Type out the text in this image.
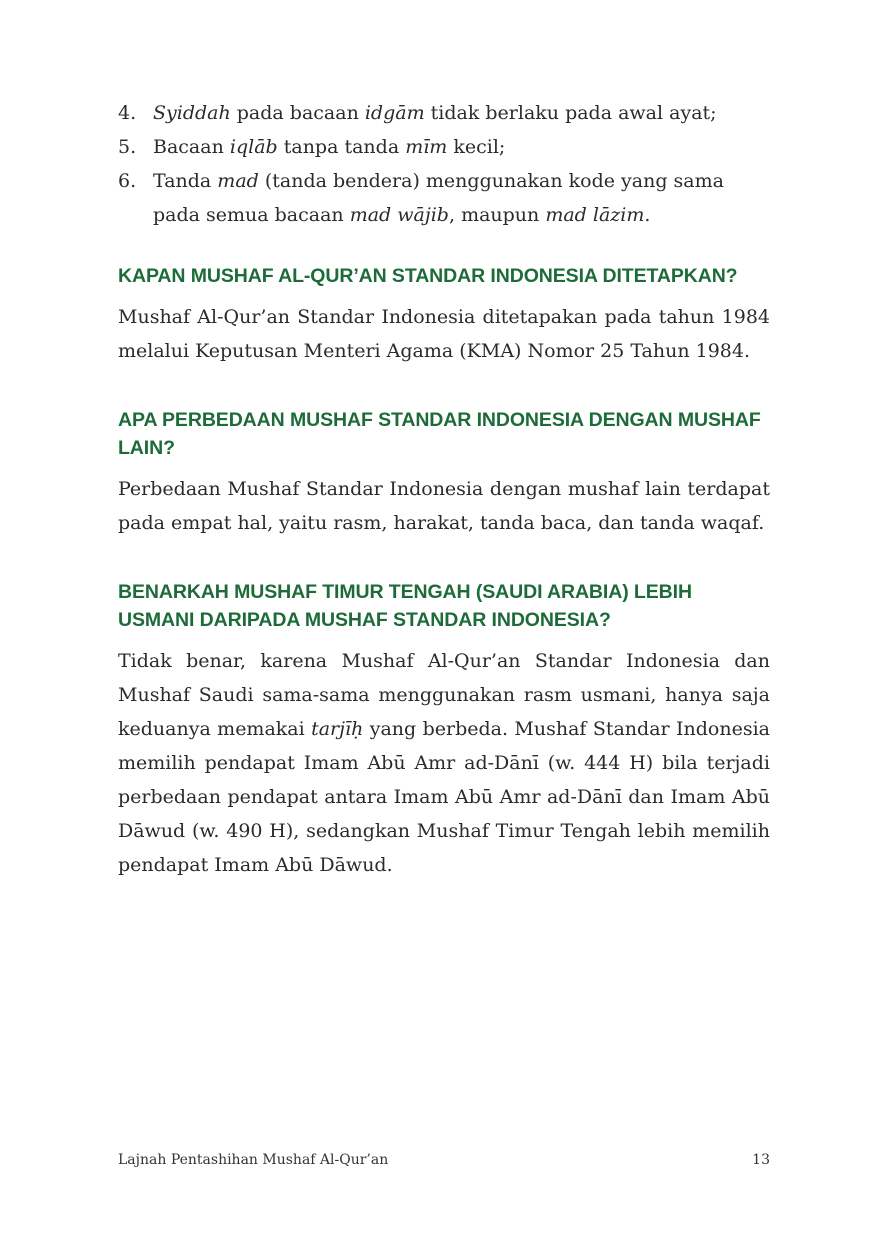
4. Syiddah pada bacaan idgām tidak berlaku pada awal ayat;
5. Bacaan iqlāb tanpa tanda mīm kecil;
6. Tanda mad (tanda bendera) menggunakan kode yang sama pada semua bacaan mad wājib, maupun mad lāzim.
KAPAN MUSHAF AL-QUR’AN STANDAR INDONESIA DITETAPKAN?

Mushaf Al-Qur’an Standar Indonesia ditetapakan pada tahun 1984 melalui Keputusan Menteri Agama (KMA) Nomor 25 Tahun 1984.

APA PERBEDAAN MUSHAF STANDAR INDONESIA DENGAN MUSHAF LAIN?

Perbedaan Mushaf Standar Indonesia dengan mushaf lain terdapat pada empat hal, yaitu rasm, harakat, tanda baca, dan tanda waqaf.

BENARKAH MUSHAF TIMUR TENGAH (SAUDI ARABIA) LEBIH USMANI DARIPADA MUSHAF STANDAR INDONESIA?

Tidak benar, karena Mushaf Al-Qur’an Standar Indonesia dan Mushaf Saudi sama-sama menggunakan rasm usmani, hanya saja keduanya memakai tarjīḥ yang berbeda. Mushaf Standar Indonesia memilih pendapat Imam Abū Amr ad-Dānī (w. 444 H) bila terjadi perbedaan pendapat antara Imam Abū Amr ad-Dānī dan Imam Abū Dāwud (w. 490 H), sedangkan Mushaf Timur Tengah lebih memilih pendapat Imam Abū Dāwud.

Lajnah Pentashihan Mushaf Al-Qur’an	13
